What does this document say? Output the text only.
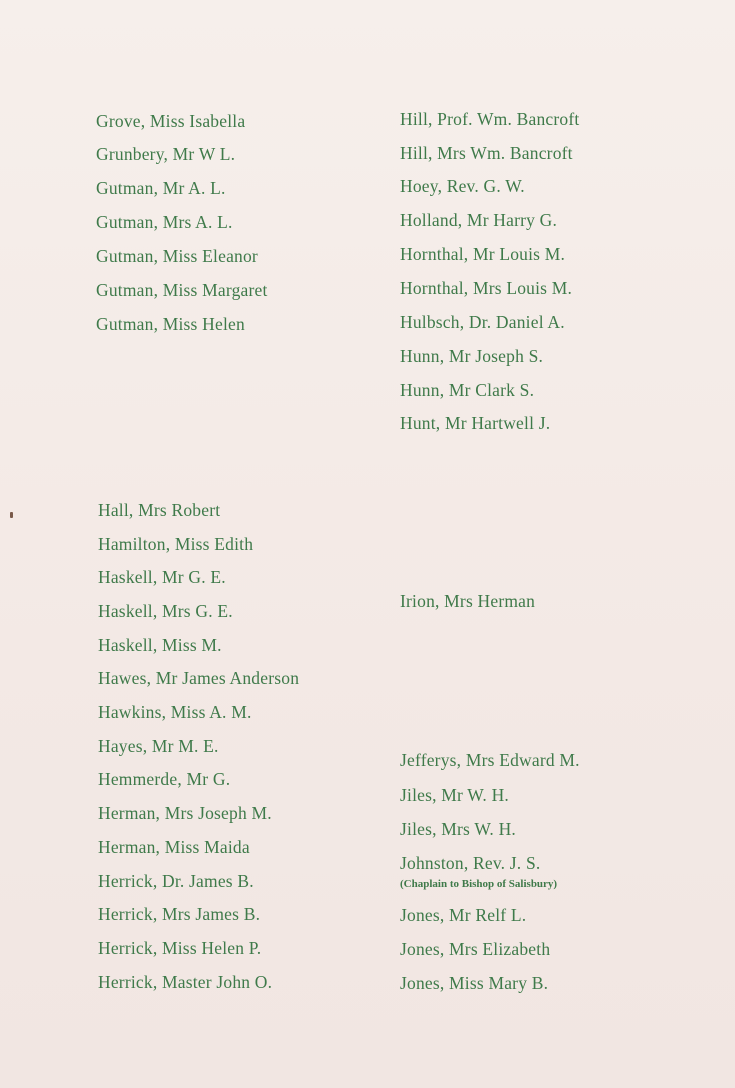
Grove, Miss Isabella
Grunbery, Mr W L.
Gutman, Mr A. L.
Gutman, Mrs A. L.
Gutman, Miss Eleanor
Gutman, Miss Margaret
Gutman, Miss Helen
Hall, Mrs Robert
Hamilton, Miss Edith
Haskell, Mr G. E.
Haskell, Mrs G. E.
Haskell, Miss M.
Hawes, Mr James Anderson
Hawkins, Miss A. M.
Hayes, Mr M. E.
Hemmerde, Mr G.
Herman, Mrs Joseph M.
Herman, Miss Maida
Herrick, Dr. James B.
Herrick, Mrs James B.
Herrick, Miss Helen P.
Herrick, Master John O.
Hill, Prof. Wm. Bancroft
Hill, Mrs Wm. Bancroft
Hoey, Rev. G. W.
Holland, Mr Harry G.
Hornthal, Mr Louis M.
Hornthal, Mrs Louis M.
Hulbsch, Dr. Daniel A.
Hunn, Mr Joseph S.
Hunn, Mr Clark S.
Hunt, Mr Hartwell J.
Irion, Mrs Herman
Jefferys, Mrs Edward M.
Jiles, Mr W. H.
Jiles, Mrs W. H.
Johnston, Rev. J. S.
(Chaplain to Bishop of Salisbury)
Jones, Mr Relf L.
Jones, Mrs Elizabeth
Jones, Miss Mary B.
